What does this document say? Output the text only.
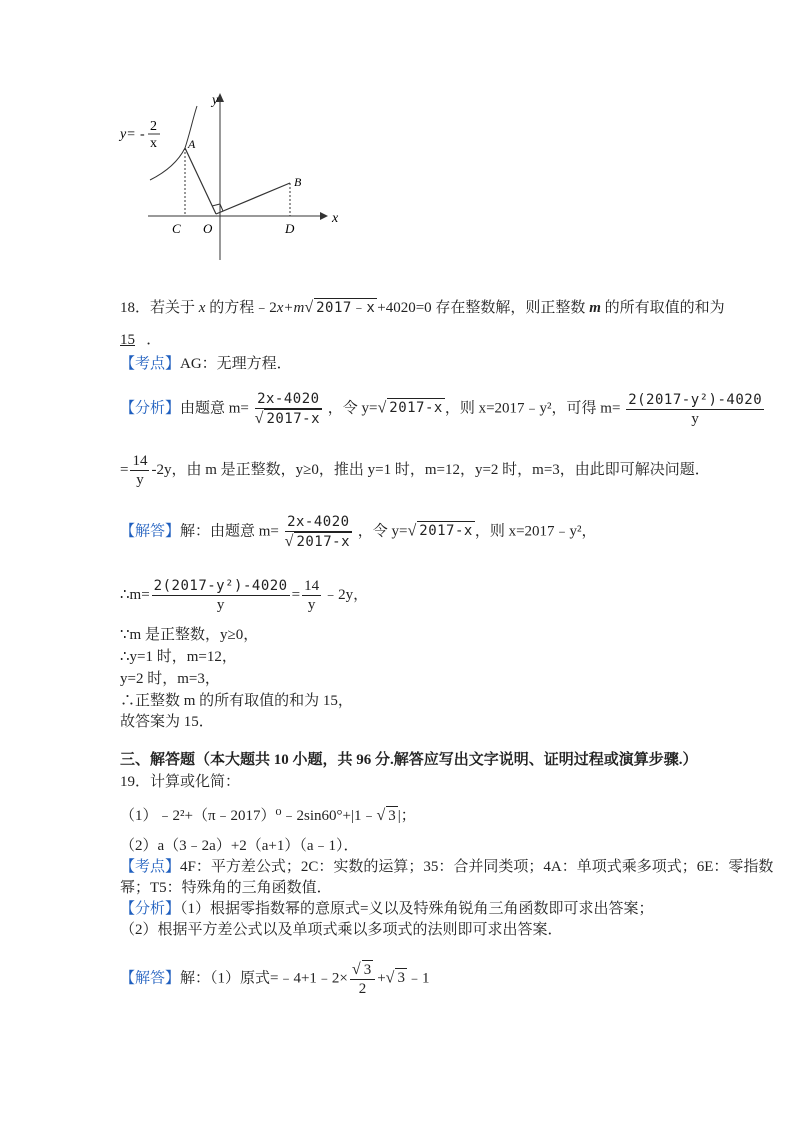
y= -
2
x
y
x
A
B
C O	D
18．若关于 x 的方程﹣2x+m√ 2017﹣x +4020=0 存在整数解，则正整数 m 的所有取值的和为
15 ．
【考点】AG：无理方程．
【分析】由题意 $m= \frac{2x-4020}{√ 2017-x}$ ，令 y=√ 2017-x ，则 x=2017﹣y²，可得 $m= \frac{\text{2(2017-y²)-4020}}{y}$
= $\frac{14}{y} -2y$，由 m 是正整数，y≥0，推出 y=1 时，m=12，y=2 时，m=3，由此即可解决问题．
【解答】解：由题意 $m= \frac{2x-4020}{√ 2017-x}$ ，令 y=√ 2017-x ，则 x=2017﹣y²，
∴m= $\frac{\text{2(2017-y²)-4020}}{y} = \frac{14}{y}$ ﹣2y，
∵m 是正整数，y≥0，
∴y=1 时，m=12，
y=2 时，m=3，
∴正整数 m 的所有取值的和为 15，
故答案为 15．
三、解答题（本大题共 10 小题，共 96 分.解答应写出文字说明、证明过程或演算步骤.）
19．计算或化简：
（1）﹣2²+（π﹣2017）⁰﹣2sin60°+|1﹣√ 3 |；
（2）a（3﹣2a）+2（a+1）（a﹣1）．
【考点】4F：平方差公式；2C：实数的运算；35：合并同类项；4A：单项式乘多项式；6E：零指数
幂；T5：特殊角的三角函数值．
【分析】（1）根据零指数幂的意原式=义以及特殊角锐角三角函数即可求出答案；
（2）根据平方差公式以及单项式乘以多项式的法则即可求出答案．
【解答】解：（1）原式=﹣4+1﹣2× $\frac{√ 3}{2}$ +√ 3 ﹣1
